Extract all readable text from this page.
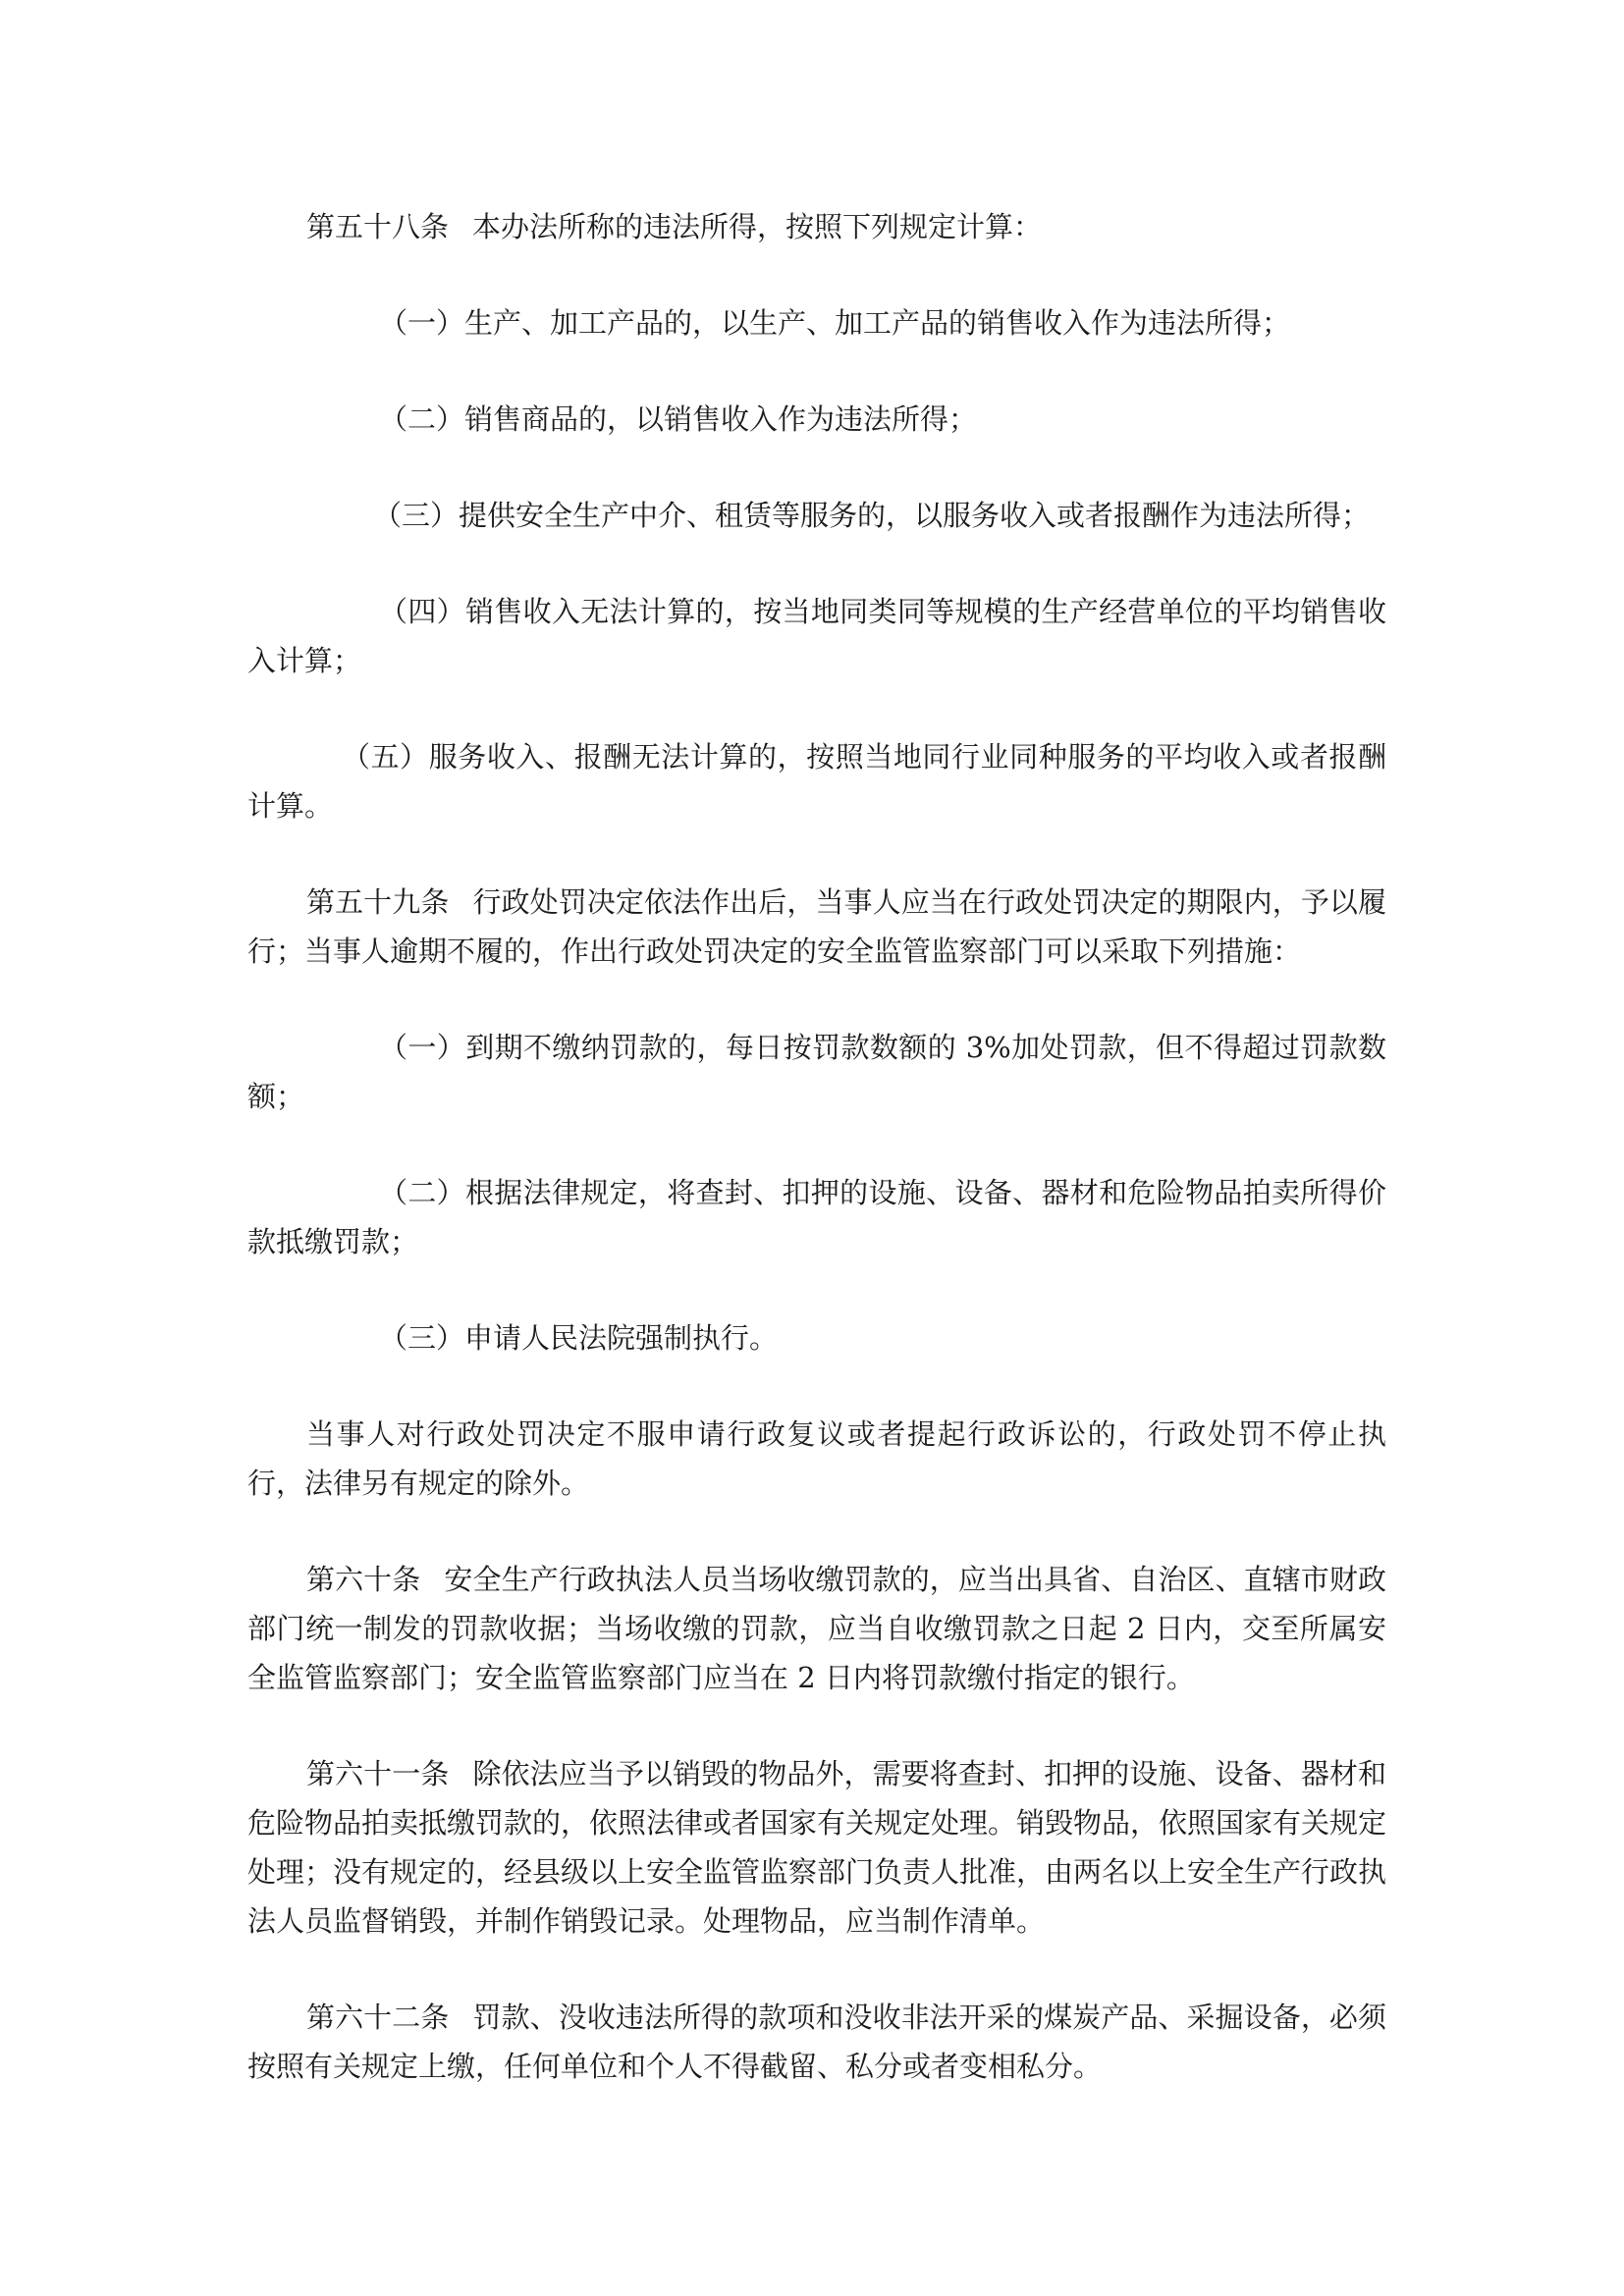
第五十八条 本办法所称的违法所得，按照下列规定计算：

（一）生产、加工产品的，以生产、加工产品的销售收入作为违法所得；

（二）销售商品的，以销售收入作为违法所得；

（三）提供安全生产中介、租赁等服务的，以服务收入或者报酬作为违法所得；

（四）销售收入无法计算的，按当地同类同等规模的生产经营单位的平均销售收入计算；

（五）服务收入、报酬无法计算的，按照当地同行业同种服务的平均收入或者报酬计算。

第五十九条 行政处罚决定依法作出后，当事人应当在行政处罚决定的期限内，予以履行；当事人逾期不履的，作出行政处罚决定的安全监管监察部门可以采取下列措施：

（一）到期不缴纳罚款的，每日按罚款数额的 3%加处罚款，但不得超过罚款数额；

（二）根据法律规定，将查封、扣押的设施、设备、器材和危险物品拍卖所得价款抵缴罚款；

（三）申请人民法院强制执行。

当事人对行政处罚决定不服申请行政复议或者提起行政诉讼的，行政处罚不停止执行，法律另有规定的除外。

第六十条 安全生产行政执法人员当场收缴罚款的，应当出具省、自治区、直辖市财政部门统一制发的罚款收据；当场收缴的罚款，应当自收缴罚款之日起 2 日内，交至所属安全监管监察部门；安全监管监察部门应当在 2 日内将罚款缴付指定的银行。

第六十一条 除依法应当予以销毁的物品外，需要将查封、扣押的设施、设备、器材和危险物品拍卖抵缴罚款的，依照法律或者国家有关规定处理。销毁物品，依照国家有关规定处理；没有规定的，经县级以上安全监管监察部门负责人批准，由两名以上安全生产行政执法人员监督销毁，并制作销毁记录。处理物品，应当制作清单。

第六十二条 罚款、没收违法所得的款项和没收非法开采的煤炭产品、采掘设备，必须按照有关规定上缴，任何单位和个人不得截留、私分或者变相私分。
